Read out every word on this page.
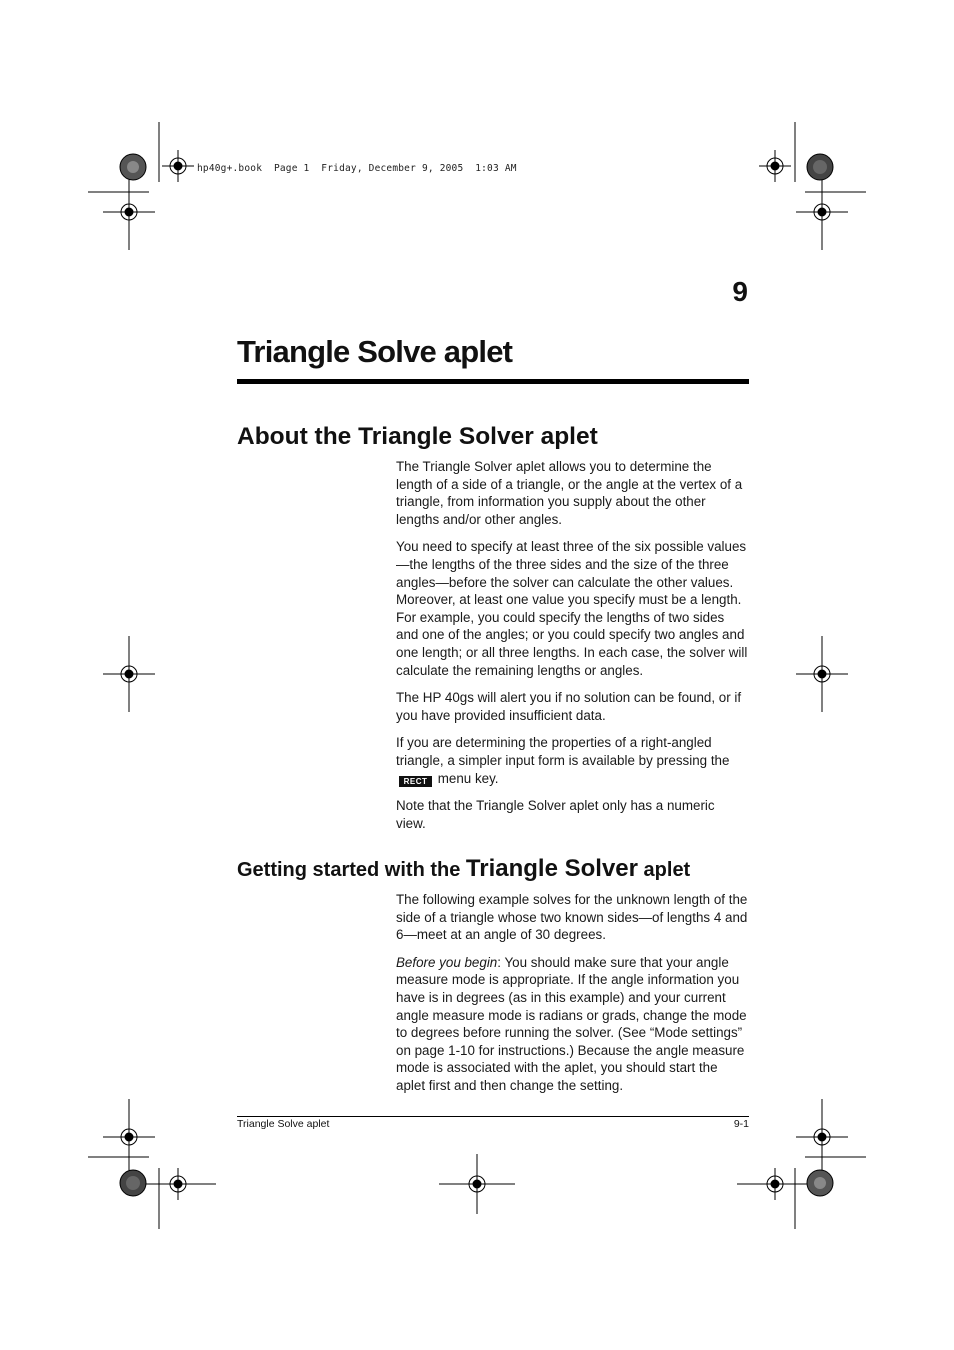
hp40g+.book  Page 1  Friday, December 9, 2005  1:03 AM
9
Triangle Solve aplet
About the Triangle Solver aplet

The Triangle Solver aplet allows you to determine the length of a side of a triangle, or the angle at the vertex of a triangle, from information you supply about the other lengths and/or other angles.

You need to specify at least three of the six possible values—the lengths of the three sides and the size of the three angles—before the solver can calculate the other values. Moreover, at least one value you specify must be a length. For example, you could specify the lengths of two sides and one of the angles; or you could specify two angles and one length; or all three lengths. In each case, the solver will calculate the remaining lengths or angles.

The HP 40gs will alert you if no solution can be found, or if you have provided insufficient data.

If you are determining the properties of a right-angled triangle, a simpler input form is available by pressing the
RECT menu key.

Note that the Triangle Solver aplet only has a numeric view.

Getting started with the Triangle Solver aplet

The following example solves for the unknown length of the side of a triangle whose two known sides—of lengths 4 and 6—meet at an angle of 30 degrees.

Before you begin: You should make sure that your angle measure mode is appropriate. If the angle information you have is in degrees (as in this example) and your current angle measure mode is radians or grads, change the mode to degrees before running the solver. (See “Mode settings” on page 1-10 for instructions.) Because the angle measure mode is associated with the aplet, you should start the aplet first and then change the setting.

Triangle Solve aplet	9-1
